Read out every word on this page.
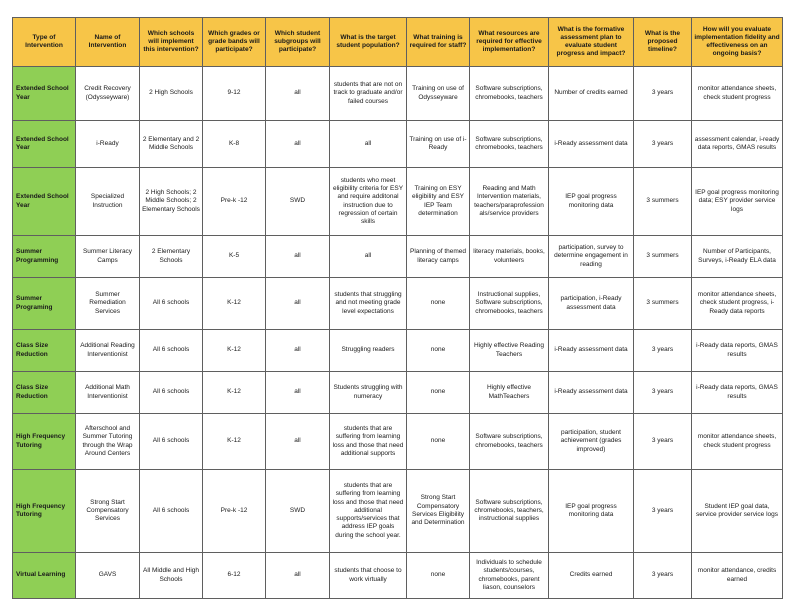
Type of Intervention	Name of Intervention	Which schools will implement this intervention?	Which grades or grade bands will participate?	Which student subgroups will participate?	What is the target student population?	What training is required for staff?	What resources are required for effective implementation?	What is the formative assessment plan to evaluate student progress and impact?	What is the proposed timeline?	How will you evaluate implementation fidelity and effectiveness on an ongoing basis?
Extended School Year	Credit Recovery (Odysseyware)	2 High Schools	9-12	all	students that are not on track to graduate and/or failed courses	Training on use of Odysseyware	Software subscriptions, chromebooks, teachers	Number of credits earned	3 years	monitor attendance sheets, check student progress
Extended School Year	i-Ready	2 Elementary and 2 Middle Schools	K-8	all	all	Training on use of i-Ready	Software subscriptions, chromebooks, teachers	i-Ready assessment data	3 years	assessment calendar, i-ready data reports, GMAS results
Extended School Year	Specialized Instruction	2 High Schools; 2 Middle Schools; 2 Elementary Schools	Pre-k -12	SWD	students who meet eligibility criteria for ESY and require additonal instruction due to regression of certain skills	Training on ESY eligibility and ESY IEP Team determination	Reading and Math Intervention materials, teachers/paraprofession als/service providers	IEP goal progress monitoring data	3 summers	IEP goal progress monitoring data; ESY provider service logs
Summer Programming	Summer Literacy Camps	2 Elementary Schools	K-5	all	all	Planning of themed literacy camps	literacy materials, books, volunteers	participation, survey to determine engagement in reading	3 summers	Number of Participants, Surveys, i-Ready ELA data
Summer Programing	Summer Remediation Services	All 6 schools	K-12	all	students that struggling and not meeting grade level expectations	none	Instructional supplies, Software subscriptions, chromebooks, teachers	participation, i-Ready assessment data	3 summers	monitor attendance sheets, check student progress, i-Ready data reports
Class Size Reduction	Additional Reading Interventionist	All 6 schools	K-12	all	Struggling readers	none	Highly effective Reading Teachers	i-Ready assessment data	3 years	i-Ready data reports, GMAS results
Class Size Reduction	Additional Math Interventionist	All 6 schools	K-12	all	Students struggling with numeracy	none	Highly effective MathTeachers	i-Ready assessment data	3 years	i-Ready data reports, GMAS results
High Frequency Tutoring	Afterschool and Summer Tutoring through the Wrap Around Centers	All 6 schools	K-12	all	students that are suffering from learning loss and those that need additional supports	none	Software subscriptions, chromebooks, teachers	participation, student achievement (grades improved)	3 years	monitor attendance sheets, check student progress
High Frequency Tutoring	Strong Start Compensatory Services	All 6 schools	Pre-k -12	SWD	students that are suffering from learning loss and those that need additional supports/services that address IEP goals during the school year.	Strong Start Compensatory Services Eligibility and Determination	Software subscriptions, chromebooks, teachers, instructional supplies	IEP goal progress monitoring data	3 years	Student IEP goal data, service provider service logs
Virtual Learning	GAVS	All Middle and High Schools	6-12	all	students that choose to work virtually	none	Individuals to schedule students/courses, chromebooks, parent liason, counselors	Credits earned	3 years	monitor attendance, credits earned
